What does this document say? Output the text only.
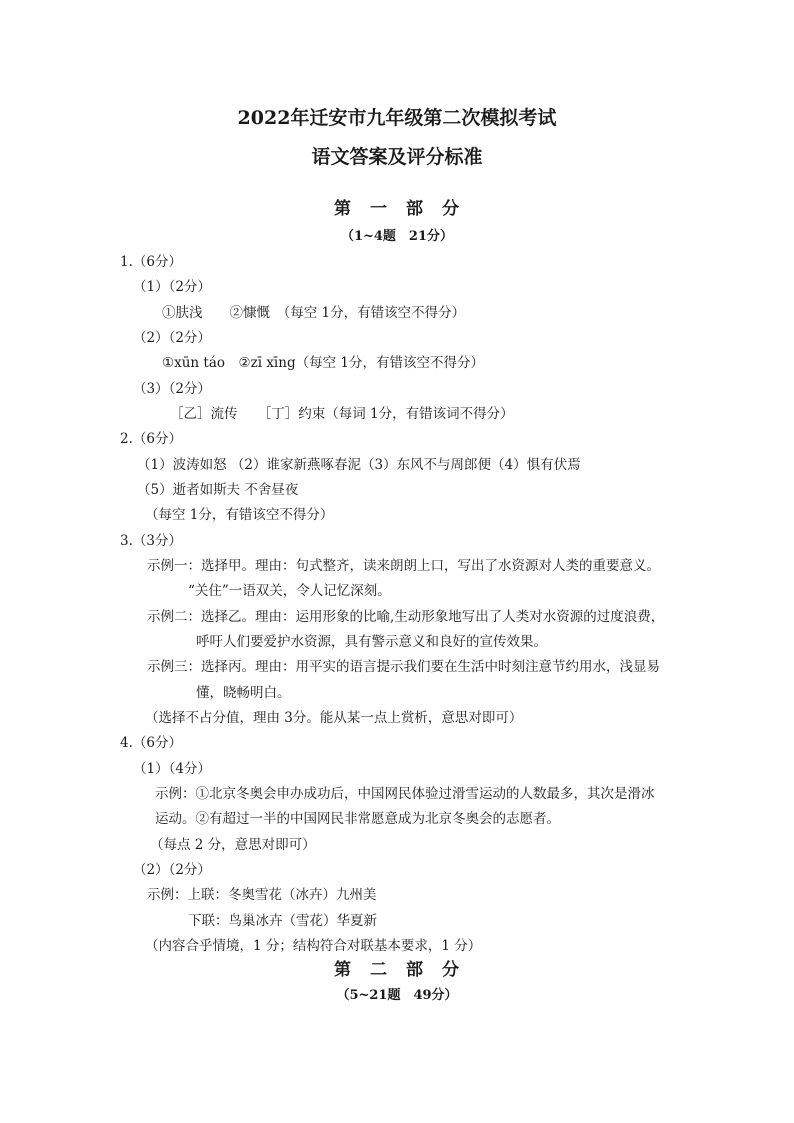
2022年迁安市九年级第二次模拟考试
语文答案及评分标准
第　一　部　分
（1~4题　21分）
1.（6分）
（1）（2分）
①肤浅　　②慷慨　（每空 1分，有错该空不得分）
（2）（2分）
①xūn táo　②zī xīng（每空 1分，有错该空不得分）
（3）（2分）
［乙］流传　　［丁］约束（每词 1分，有错该词不得分）
2.（6分）
（1）波涛如怒 （2）谁家新燕啄春泥（3）东风不与周郎便（4）惧有伏焉
（5）逝者如斯夫 不舍昼夜
（每空 1分，有错该空不得分）
3.（3分）
示例一：选择甲。理由：句式整齐，读来朗朗上口，写出了水资源对人类的重要意义。
“关住”一语双关，令人记忆深刻。
示例二：选择乙。理由：运用形象的比喻,生动形象地写出了人类对水资源的过度浪费，
呼吁人们要爱护水资源，具有警示意义和良好的宣传效果。
示例三：选择丙。理由：用平实的语言提示我们要在生活中时刻注意节约用水，浅显易
懂，晓畅明白。
（选择不占分值，理由 3分。能从某一点上赏析，意思对即可）
4.（6分）
（1）（4分）
示例：①北京冬奥会申办成功后，中国网民体验过滑雪运动的人数最多，其次是滑冰
运动。②有超过一半的中国网民非常愿意成为北京冬奥会的志愿者。
（每点 2 分，意思对即可）
（2）（2分）
示例：上联：冬奥雪花（冰卉）九州美
下联：鸟巢冰卉（雪花）华夏新
（内容合乎情境，1 分；结构符合对联基本要求，1 分）
第　二　部　分
（5~21题　49分）
